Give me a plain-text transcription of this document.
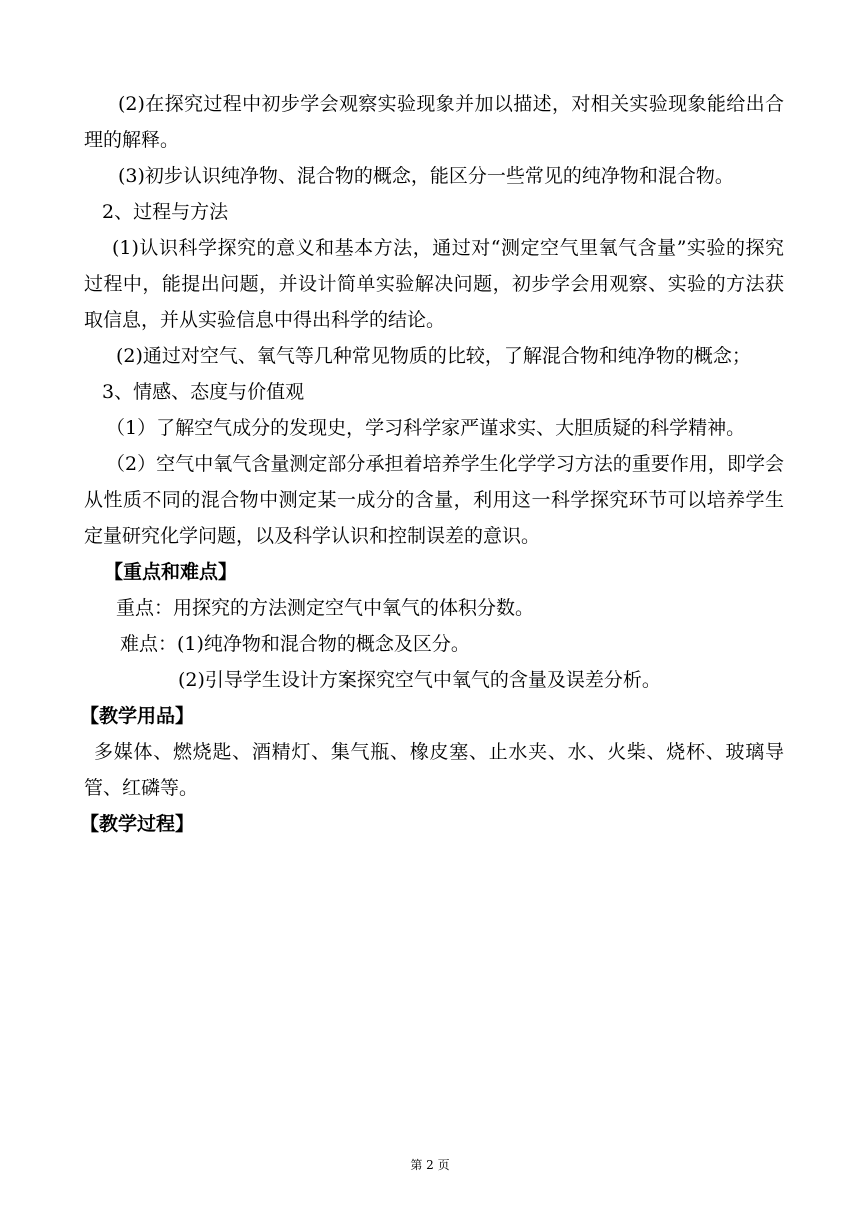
(2)在探究过程中初步学会观察实验现象并加以描述，对相关实验现象能给出合理的解释。

(3)初步认识纯净物、混合物的概念，能区分一些常见的纯净物和混合物。

2、过程与方法

(1)认识科学探究的意义和基本方法，通过对“测定空气里氧气含量”实验的探究过程中，能提出问题，并设计简单实验解决问题，初步学会用观察、实验的方法获取信息，并从实验信息中得出科学的结论。

(2)通过对空气、氧气等几种常见物质的比较，了解混合物和纯净物的概念；

3、情感、态度与价值观

（1）了解空气成分的发现史，学习科学家严谨求实、大胆质疑的科学精神。

（2）空气中氧气含量测定部分承担着培养学生化学学习方法的重要作用，即学会从性质不同的混合物中测定某一成分的含量，利用这一科学探究环节可以培养学生定量研究化学问题，以及科学认识和控制误差的意识。

【重点和难点】

重点：用探究的方法测定空气中氧气的体积分数。

难点：(1)纯净物和混合物的概念及区分。

(2)引导学生设计方案探究空气中氧气的含量及误差分析。

【教学用品】

多媒体、燃烧匙、酒精灯、集气瓶、橡皮塞、止水夹、水、火柴、烧杯、玻璃导管、红磷等。

【教学过程】

第 2 页
